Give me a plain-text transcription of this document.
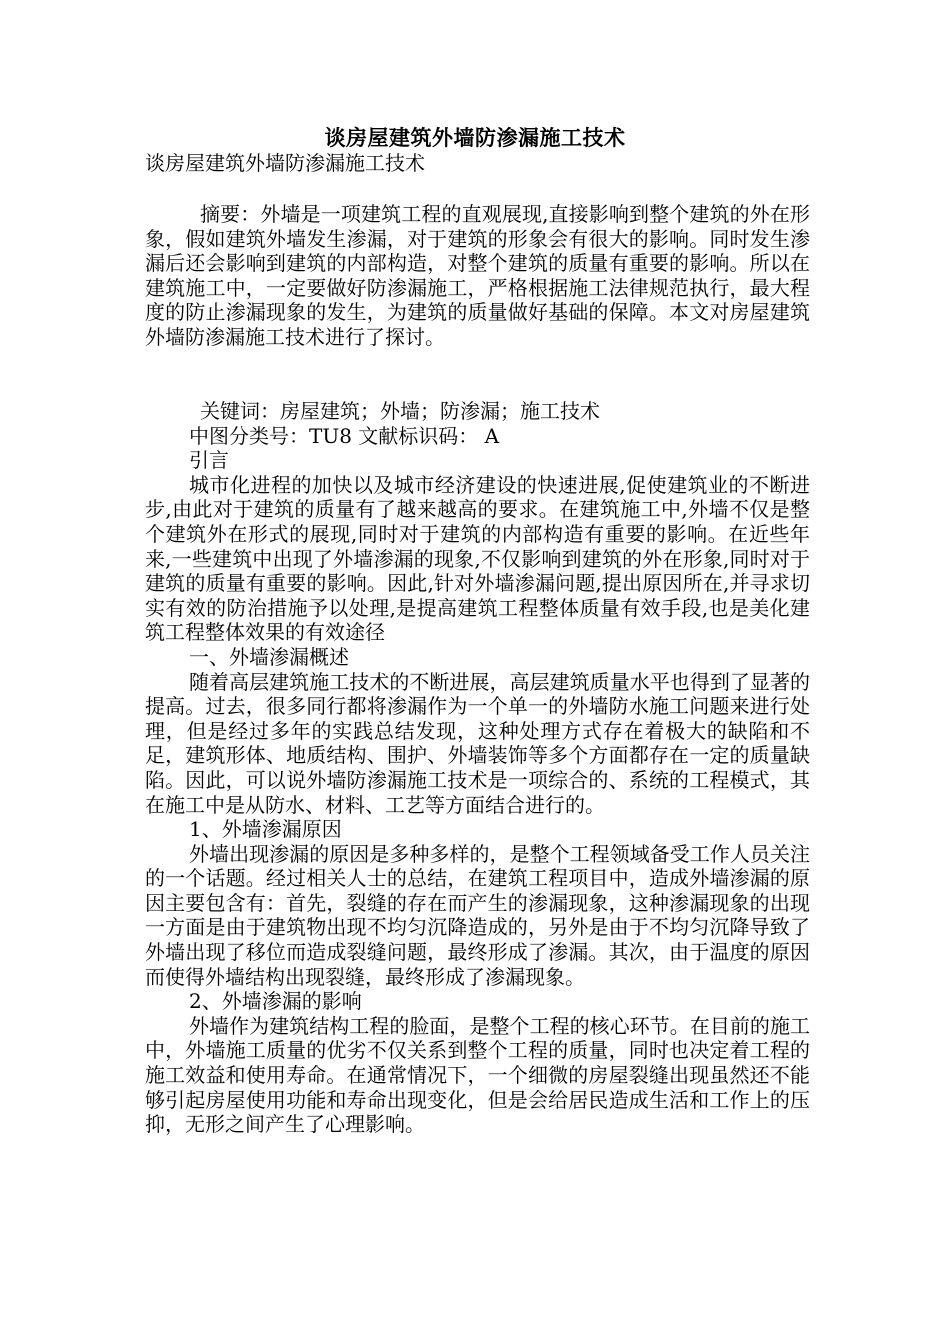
谈房屋建筑外墙防渗漏施工技术

谈房屋建筑外墙防渗漏施工技术

摘要：外墙是一项建筑工程的直观展现,直接影响到整个建筑的外在形象，假如建筑外墙发生渗漏，对于建筑的形象会有很大的影响。同时发生渗漏后还会影响到建筑的内部构造，对整个建筑的质量有重要的影响。所以在建筑施工中，一定要做好防渗漏施工，严格根据施工法律规范执行，最大程度的防止渗漏现象的发生，为建筑的质量做好基础的保障。本文对房屋建筑外墙防渗漏施工技术进行了探讨。

关键词：房屋建筑；外墙；防渗漏；施工技术

中图分类号：TU8 文献标识码： A

引言

城市化进程的加快以及城市经济建设的快速进展,促使建筑业的不断进步,由此对于建筑的质量有了越来越高的要求。在建筑施工中,外墙不仅是整个建筑外在形式的展现,同时对于建筑的内部构造有重要的影响。在近些年来,一些建筑中出现了外墙渗漏的现象,不仅影响到建筑的外在形象,同时对于建筑的质量有重要的影响。因此,针对外墙渗漏问题,提出原因所在,并寻求切实有效的防治措施予以处理,是提高建筑工程整体质量有效手段,也是美化建筑工程整体效果的有效途径

一、外墙渗漏概述

随着高层建筑施工技术的不断进展，高层建筑质量水平也得到了显著的提高。过去，很多同行都将渗漏作为一个单一的外墙防水施工问题来进行处理，但是经过多年的实践总结发现，这种处理方式存在着极大的缺陷和不足，建筑形体、地质结构、围护、外墙装饰等多个方面都存在一定的质量缺陷。因此，可以说外墙防渗漏施工技术是一项综合的、系统的工程模式，其在施工中是从防水、材料、工艺等方面结合进行的。

1、外墙渗漏原因

外墙出现渗漏的原因是多种多样的，是整个工程领域备受工作人员关注的一个话题。经过相关人士的总结，在建筑工程项目中，造成外墙渗漏的原因主要包含有：首先，裂缝的存在而产生的渗漏现象，这种渗漏现象的出现一方面是由于建筑物出现不均匀沉降造成的，另外是由于不均匀沉降导致了外墙出现了移位而造成裂缝问题，最终形成了渗漏。其次，由于温度的原因而使得外墙结构出现裂缝，最终形成了渗漏现象。

2、外墙渗漏的影响

外墙作为建筑结构工程的脸面，是整个工程的核心环节。在目前的施工中，外墙施工质量的优劣不仅关系到整个工程的质量，同时也决定着工程的施工效益和使用寿命。在通常情况下，一个细微的房屋裂缝出现虽然还不能够引起房屋使用功能和寿命出现变化，但是会给居民造成生活和工作上的压抑，无形之间产生了心理影响。
